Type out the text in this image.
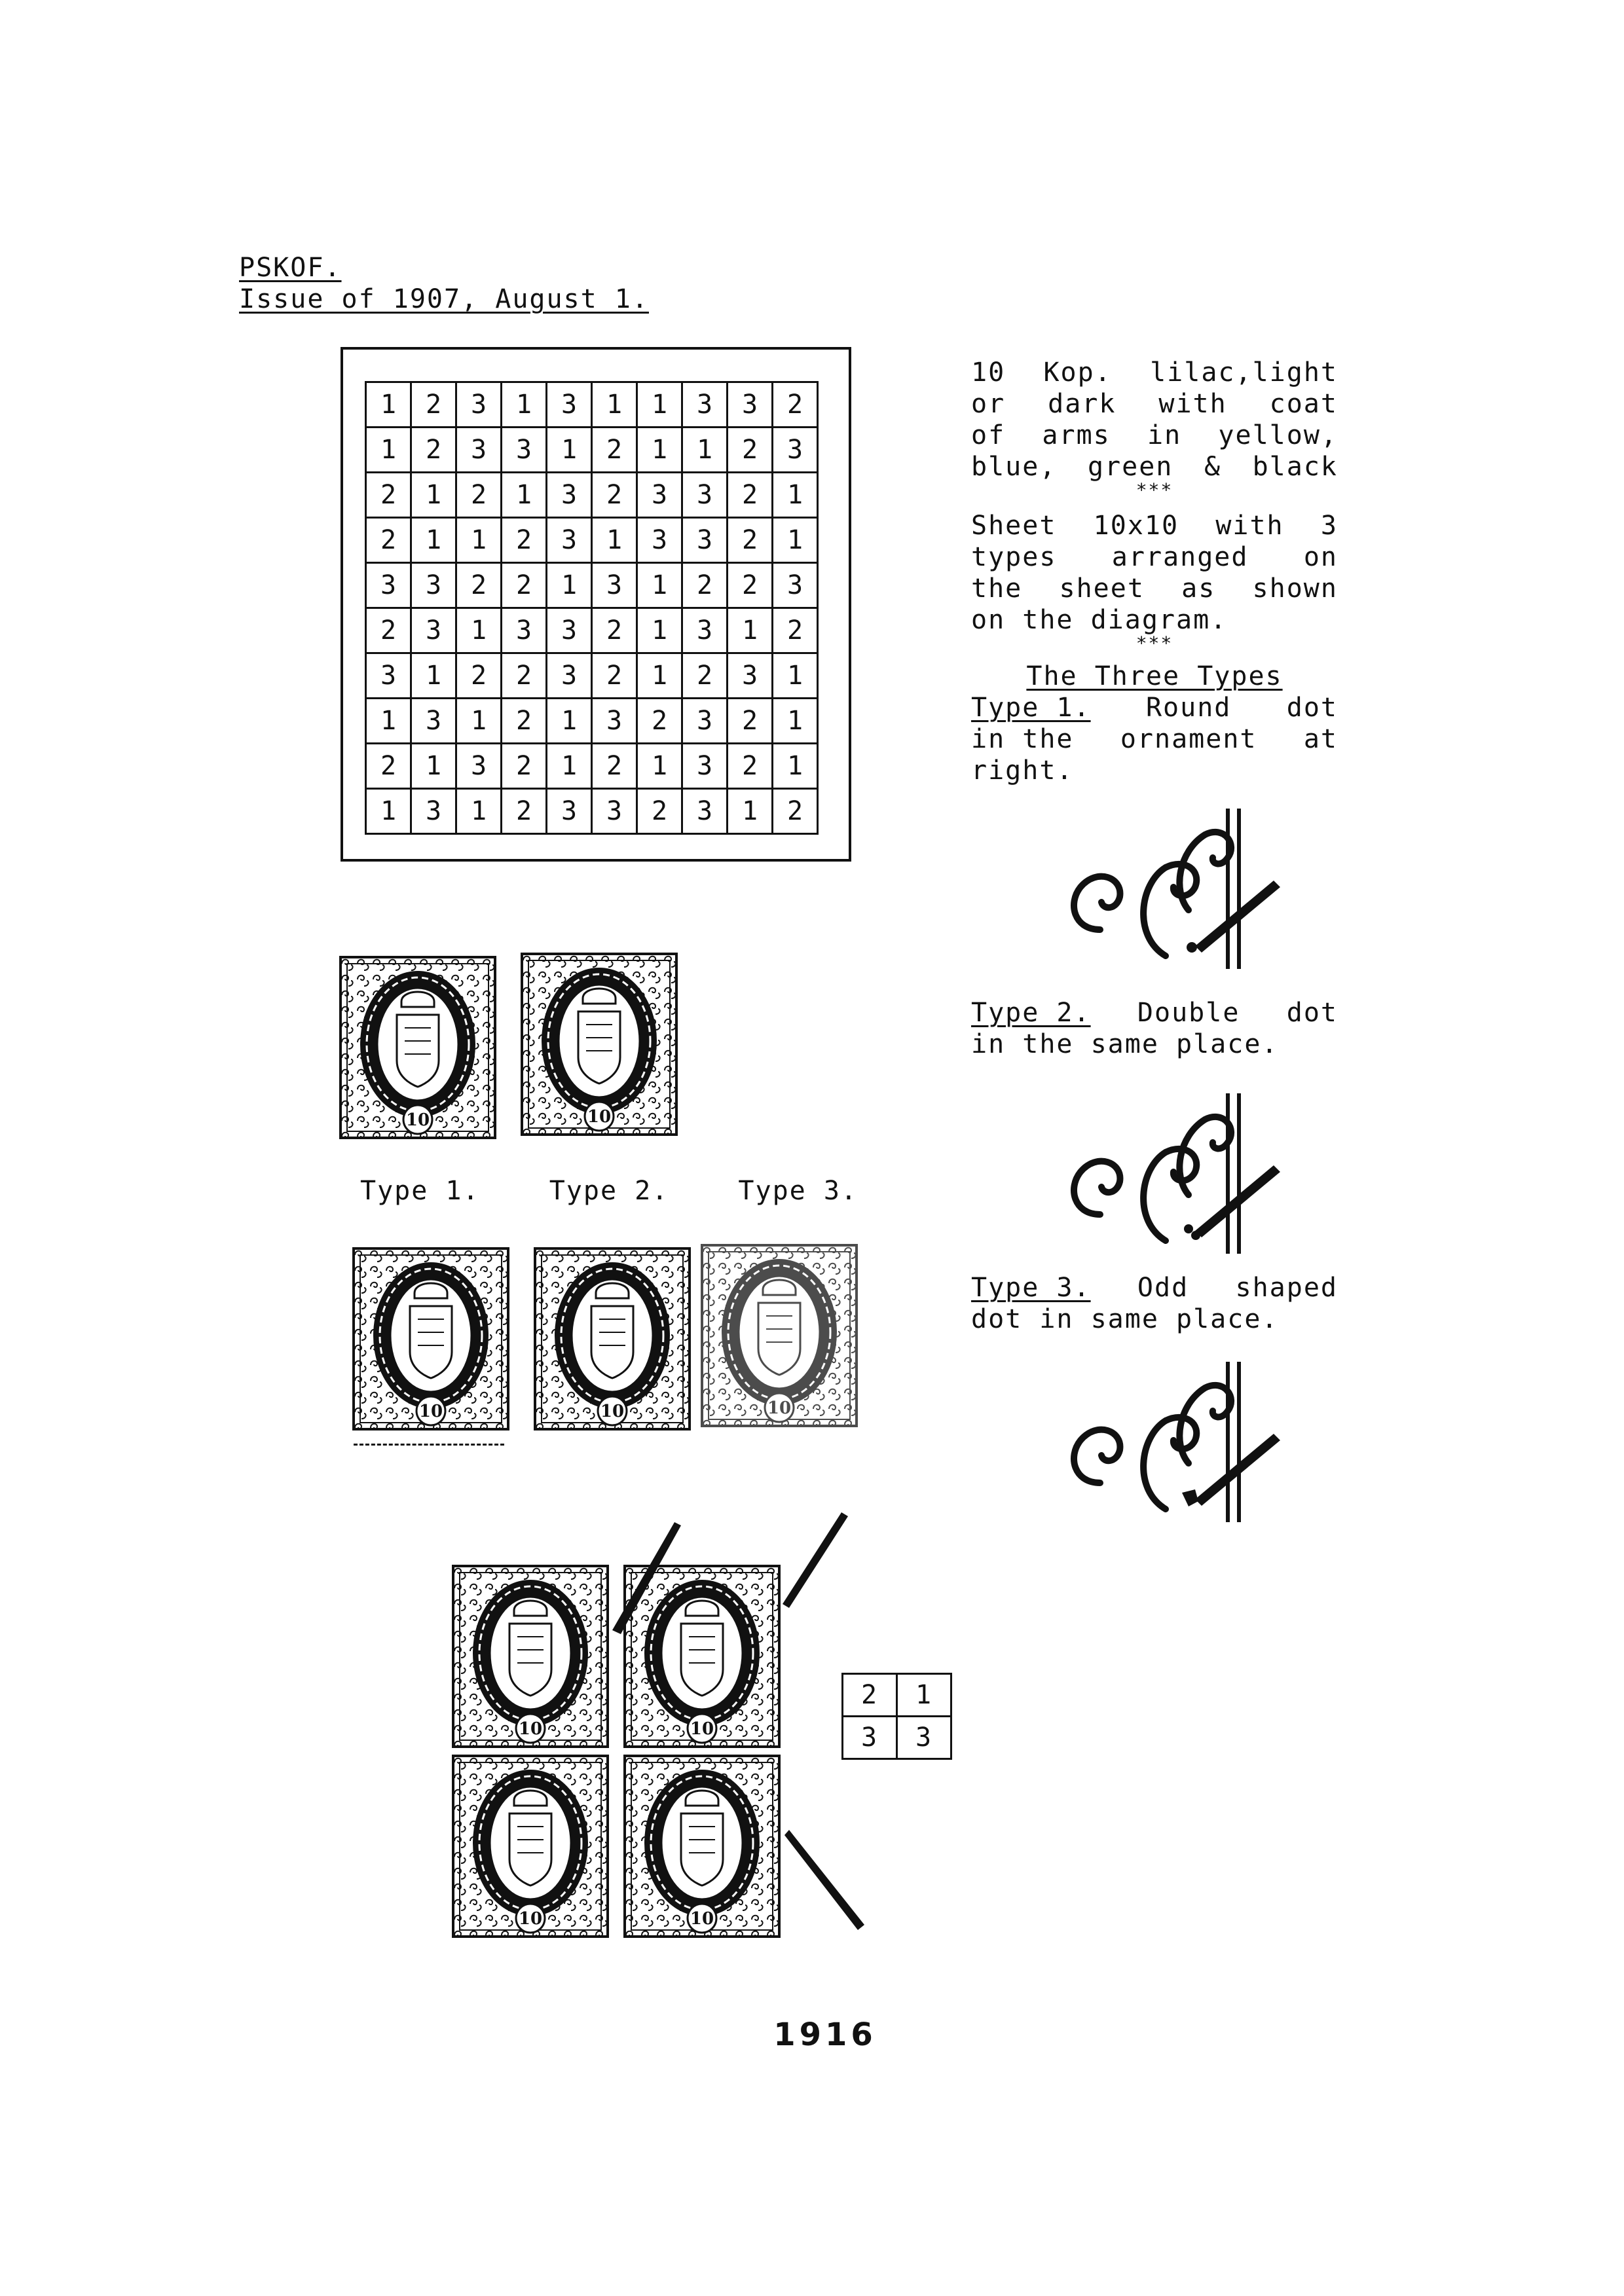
PSKOF.
Issue of 1907, August 1.
1	2	3	1	3	1	1	3	3	2
1	2	3	3	1	2	1	1	2	3
2	1	2	1	3	2	3	3	2	1
2	1	1	2	3	1	3	3	2	1
3	3	2	2	1	3	1	2	2	3
2	3	1	3	3	2	1	3	1	2
3	1	2	2	3	2	1	2	3	1
1	3	1	2	1	3	2	3	2	1
2	1	3	2	1	2	1	3	2	1
1	3	1	2	3	3	2	3	1	2
10 Kop. lilac,light
or dark with coat
of arms in yellow,
blue, green & black
***
Sheet 10x10 with 3
types arranged on
the sheet as shown
on the diagram.
***
The Three Types
Type 1. Round dot
in the ornament at
right.
Type 2. Double dot
in the same place.
Type 3. Odd shaped
dot in same place.
10	10
Type 1.	Type 2.	Type 3.
10	10	10
10	10
10	10
2	1
3	3
1916
